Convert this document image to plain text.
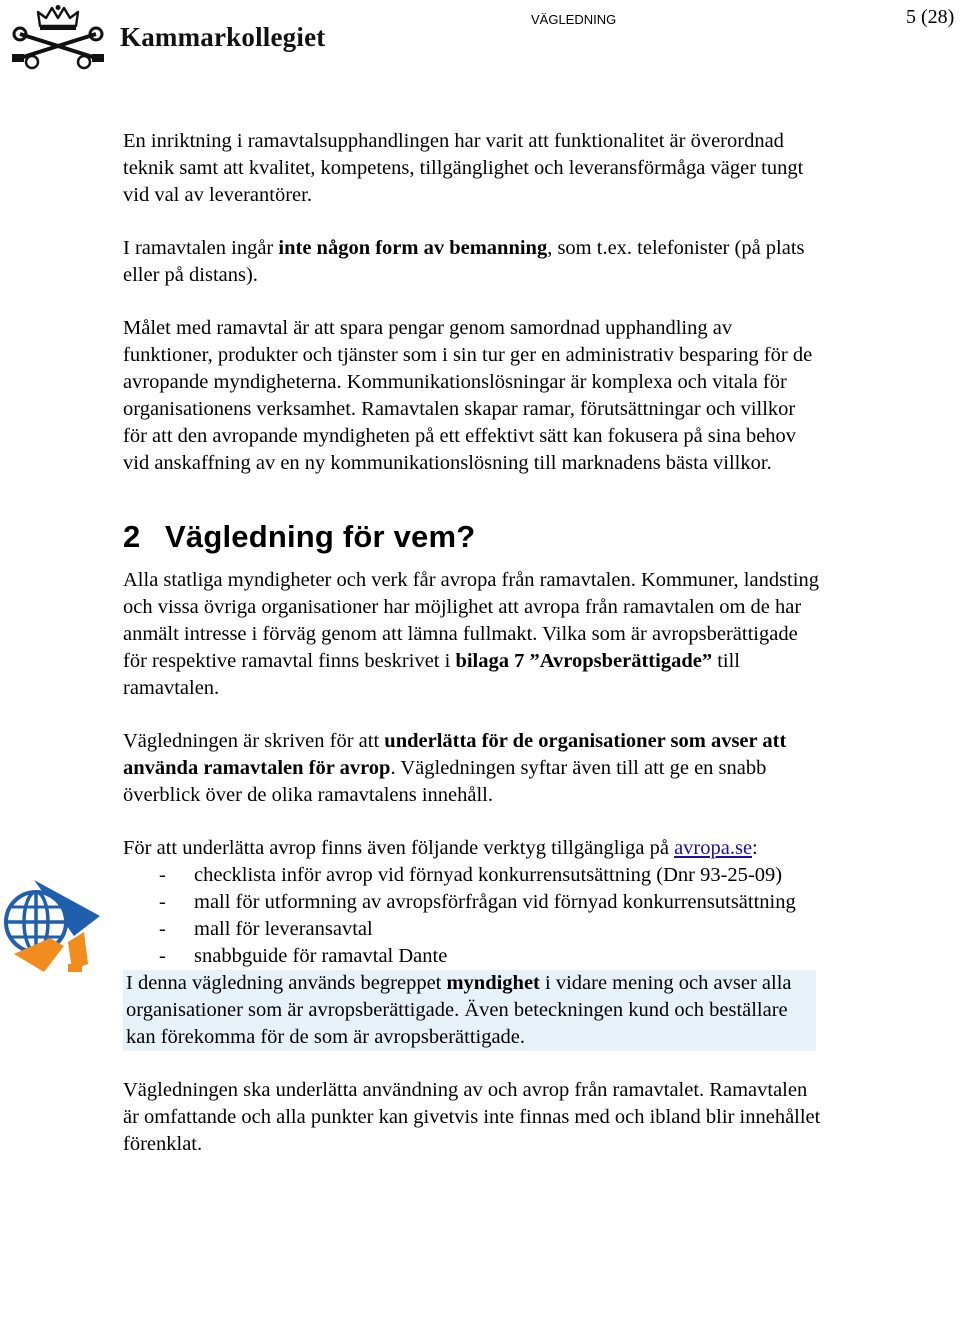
Kammarkollegiet
VÄGLEDNING	5 (28)

En inriktning i ramavtalsupphandlingen har varit att funktionalitet är överordnad teknik samt att kvalitet, kompetens, tillgänglighet och leveransförmåga väger tungt vid val av leverantörer.

I ramavtalen ingår inte någon form av bemanning, som t.ex. telefonister (på plats eller på distans).

Målet med ramavtal är att spara pengar genom samordnad upphandling av funktioner, produkter och tjänster som i sin tur ger en administrativ besparing för de avropande myndigheterna. Kommunikationslösningar är komplexa och vitala för organisationens verksamhet. Ramavtalen skapar ramar, förutsättningar och villkor för att den avropande myndigheten på ett effektivt sätt kan fokusera på sina behov vid anskaffning av en ny kommunikationslösning till marknadens bästa villkor.

2 Vägledning för vem?

Alla statliga myndigheter och verk får avropa från ramavtalen. Kommuner, landsting och vissa övriga organisationer har möjlighet att avropa från ramavtalen om de har anmält intresse i förväg genom att lämna fullmakt. Vilka som är avropsberättigade för respektive ramavtal finns beskrivet i bilaga 7 ”Avropsberättigade” till ramavtalen.

Vägledningen är skriven för att underlätta för de organisationer som avser att använda ramavtalen för avrop. Vägledningen syftar även till att ge en snabb överblick över de olika ramavtalens innehåll.

För att underlätta avrop finns även följande verktyg tillgängliga på avropa.se:

- checklista inför avrop vid förnyad konkurrensutsättning (Dnr 93-25-09)
- mall för utformning av avropsförfrågan vid förnyad konkurrensutsättning
- mall för leveransavtal
- snabbguide för ramavtal Dante

I denna vägledning används begreppet myndighet i vidare mening och avser alla organisationer som är avropsberättigade. Även beteckningen kund och beställare kan förekomma för de som är avropsberättigade.

Vägledningen ska underlätta användning av och avrop från ramavtalet. Ramavtalen är omfattande och alla punkter kan givetvis inte finnas med och ibland blir innehållet förenklat.
